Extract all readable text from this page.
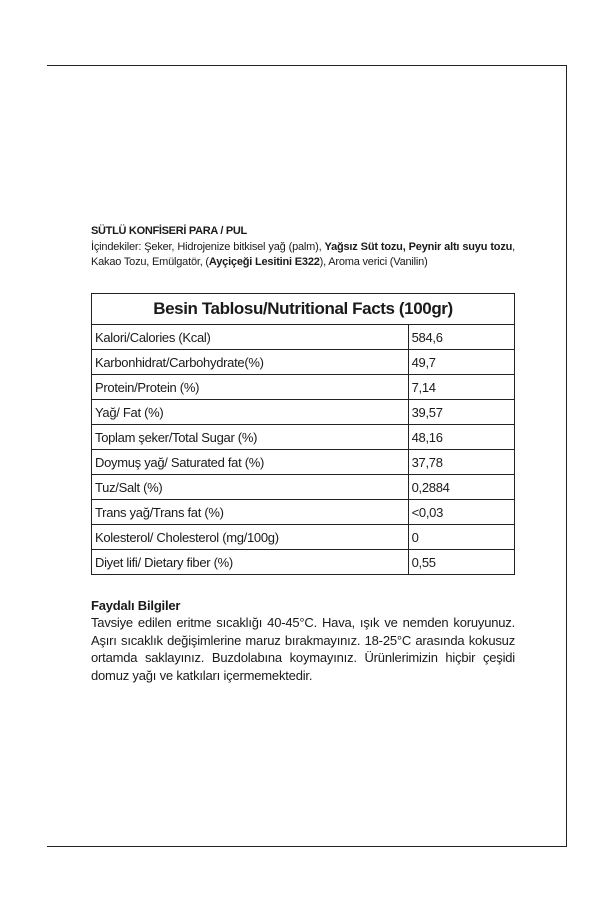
SÜTLÜ KONFİSERİ PARA / PUL
İçindekiler: Şeker, Hidrojenize bitkisel yağ (palm), Yağsız Süt tozu, Peynir altı suyu tozu, Kakao Tozu, Emülgatör, (Ayçiçeği Lesitini E322), Aroma verici (Vanilin)
Besin Tablosu/Nutritional Facts (100gr)	
Kalori/Calories (Kcal)	584,6
Karbonhidrat/Carbohydrate(%)	49,7
Protein/Protein (%)	7,14
Yağ/ Fat (%)	39,57
Toplam şeker/Total Sugar (%)	48,16
Doymuş yağ/ Saturated fat (%)	37,78
Tuz/Salt (%)	0,2884
Trans yağ/Trans fat (%)	<0,03
Kolesterol/ Cholesterol (mg/100g)	0
Diyet lifi/ Dietary fiber (%)	0,55
Faydalı Bilgiler
Tavsiye edilen eritme sıcaklığı 40-45°C. Hava, ışık ve nemden koruyunuz. Aşırı sıcaklık değişimlerine maruz bırakmayınız. 18-25°C arasında kokusuz ortamda saklayınız. Buzdolabına koymayınız. Ürünlerimizin hiçbir çeşidi domuz yağı ve katkıları içermemektedir.
